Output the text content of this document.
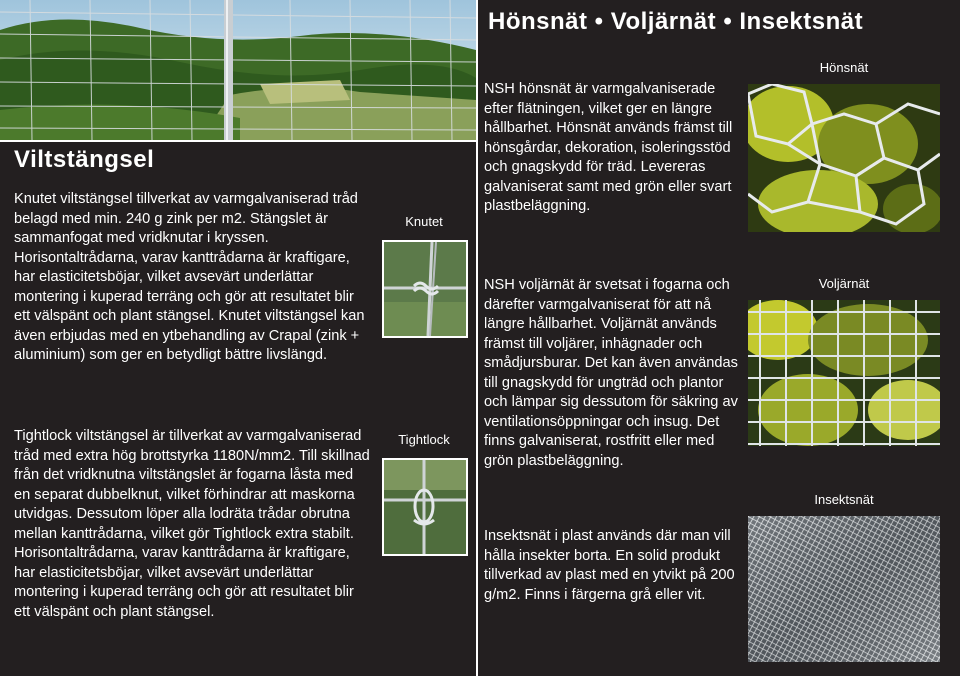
Viltstängsel

Knutet viltstängsel tillverkat av varmgalvaniserad tråd belagd med min. 240 g zink per m2. Stängslet är sammanfogat med vridknutar i kryssen. Horisontaltrådarna, varav kanttrådarna är kraftigare, har elasticitetsböjar, vilket avsevärt underlättar montering i kuperad terräng och gör att resultatet blir ett välspänt och plant stängsel. Knutet viltstängsel kan även erbjudas med en ytbehandling av Crapal (zink + aluminium) som ger en betydligt bättre livslängd.

Tightlock viltstängsel är tillverkat av varmgalvaniserad tråd med extra hög brottstyrka 1180N/mm2. Till skillnad från det vridknutna viltstängslet är fogarna låsta med en separat dubbelknut, vilket förhindrar att maskorna utvidgas. Dessutom löper alla lodräta trådar obrutna mellan kanttrådarna, vilket gör Tightlock extra stabilt. Horisontaltrådarna, varav kanttrådarna är kraftigare, har elasticitetsböjar, vilket avsevärt underlättar montering i kuperad terräng och gör att resultatet blir ett välspänt och plant stängsel.

Knutet
Tightlock
Hönsnät • Voljärnät • Insektsnät

NSH hönsnät är varmgalvaniserade efter flätningen, vilket ger en längre hållbarhet. Hönsnät används främst till hönsgårdar, dekoration, isoleringsstöd och gnagskydd för träd. Levereras galvaniserat samt med grön eller svart plastbeläggning.

NSH voljärnät är svetsat i fogarna och därefter varmgalvaniserat för att nå längre hållbarhet. Voljärnät används främst till voljärer, inhägnader och smådjursburar. Det kan även användas till gnagskydd för ungträd och plantor och lämpar sig dessutom för säkring av ventilationsöppningar och insug. Det finns galvaniserat, rostfritt eller med grön plastbeläggning.

Insektsnät i plast används där man vill hålla insekter borta. En solid produkt tillverkad av plast med en ytvikt på 200 g/m2. Finns i färgerna grå eller vit.

Hönsnät
Voljärnät
Insektsnät
